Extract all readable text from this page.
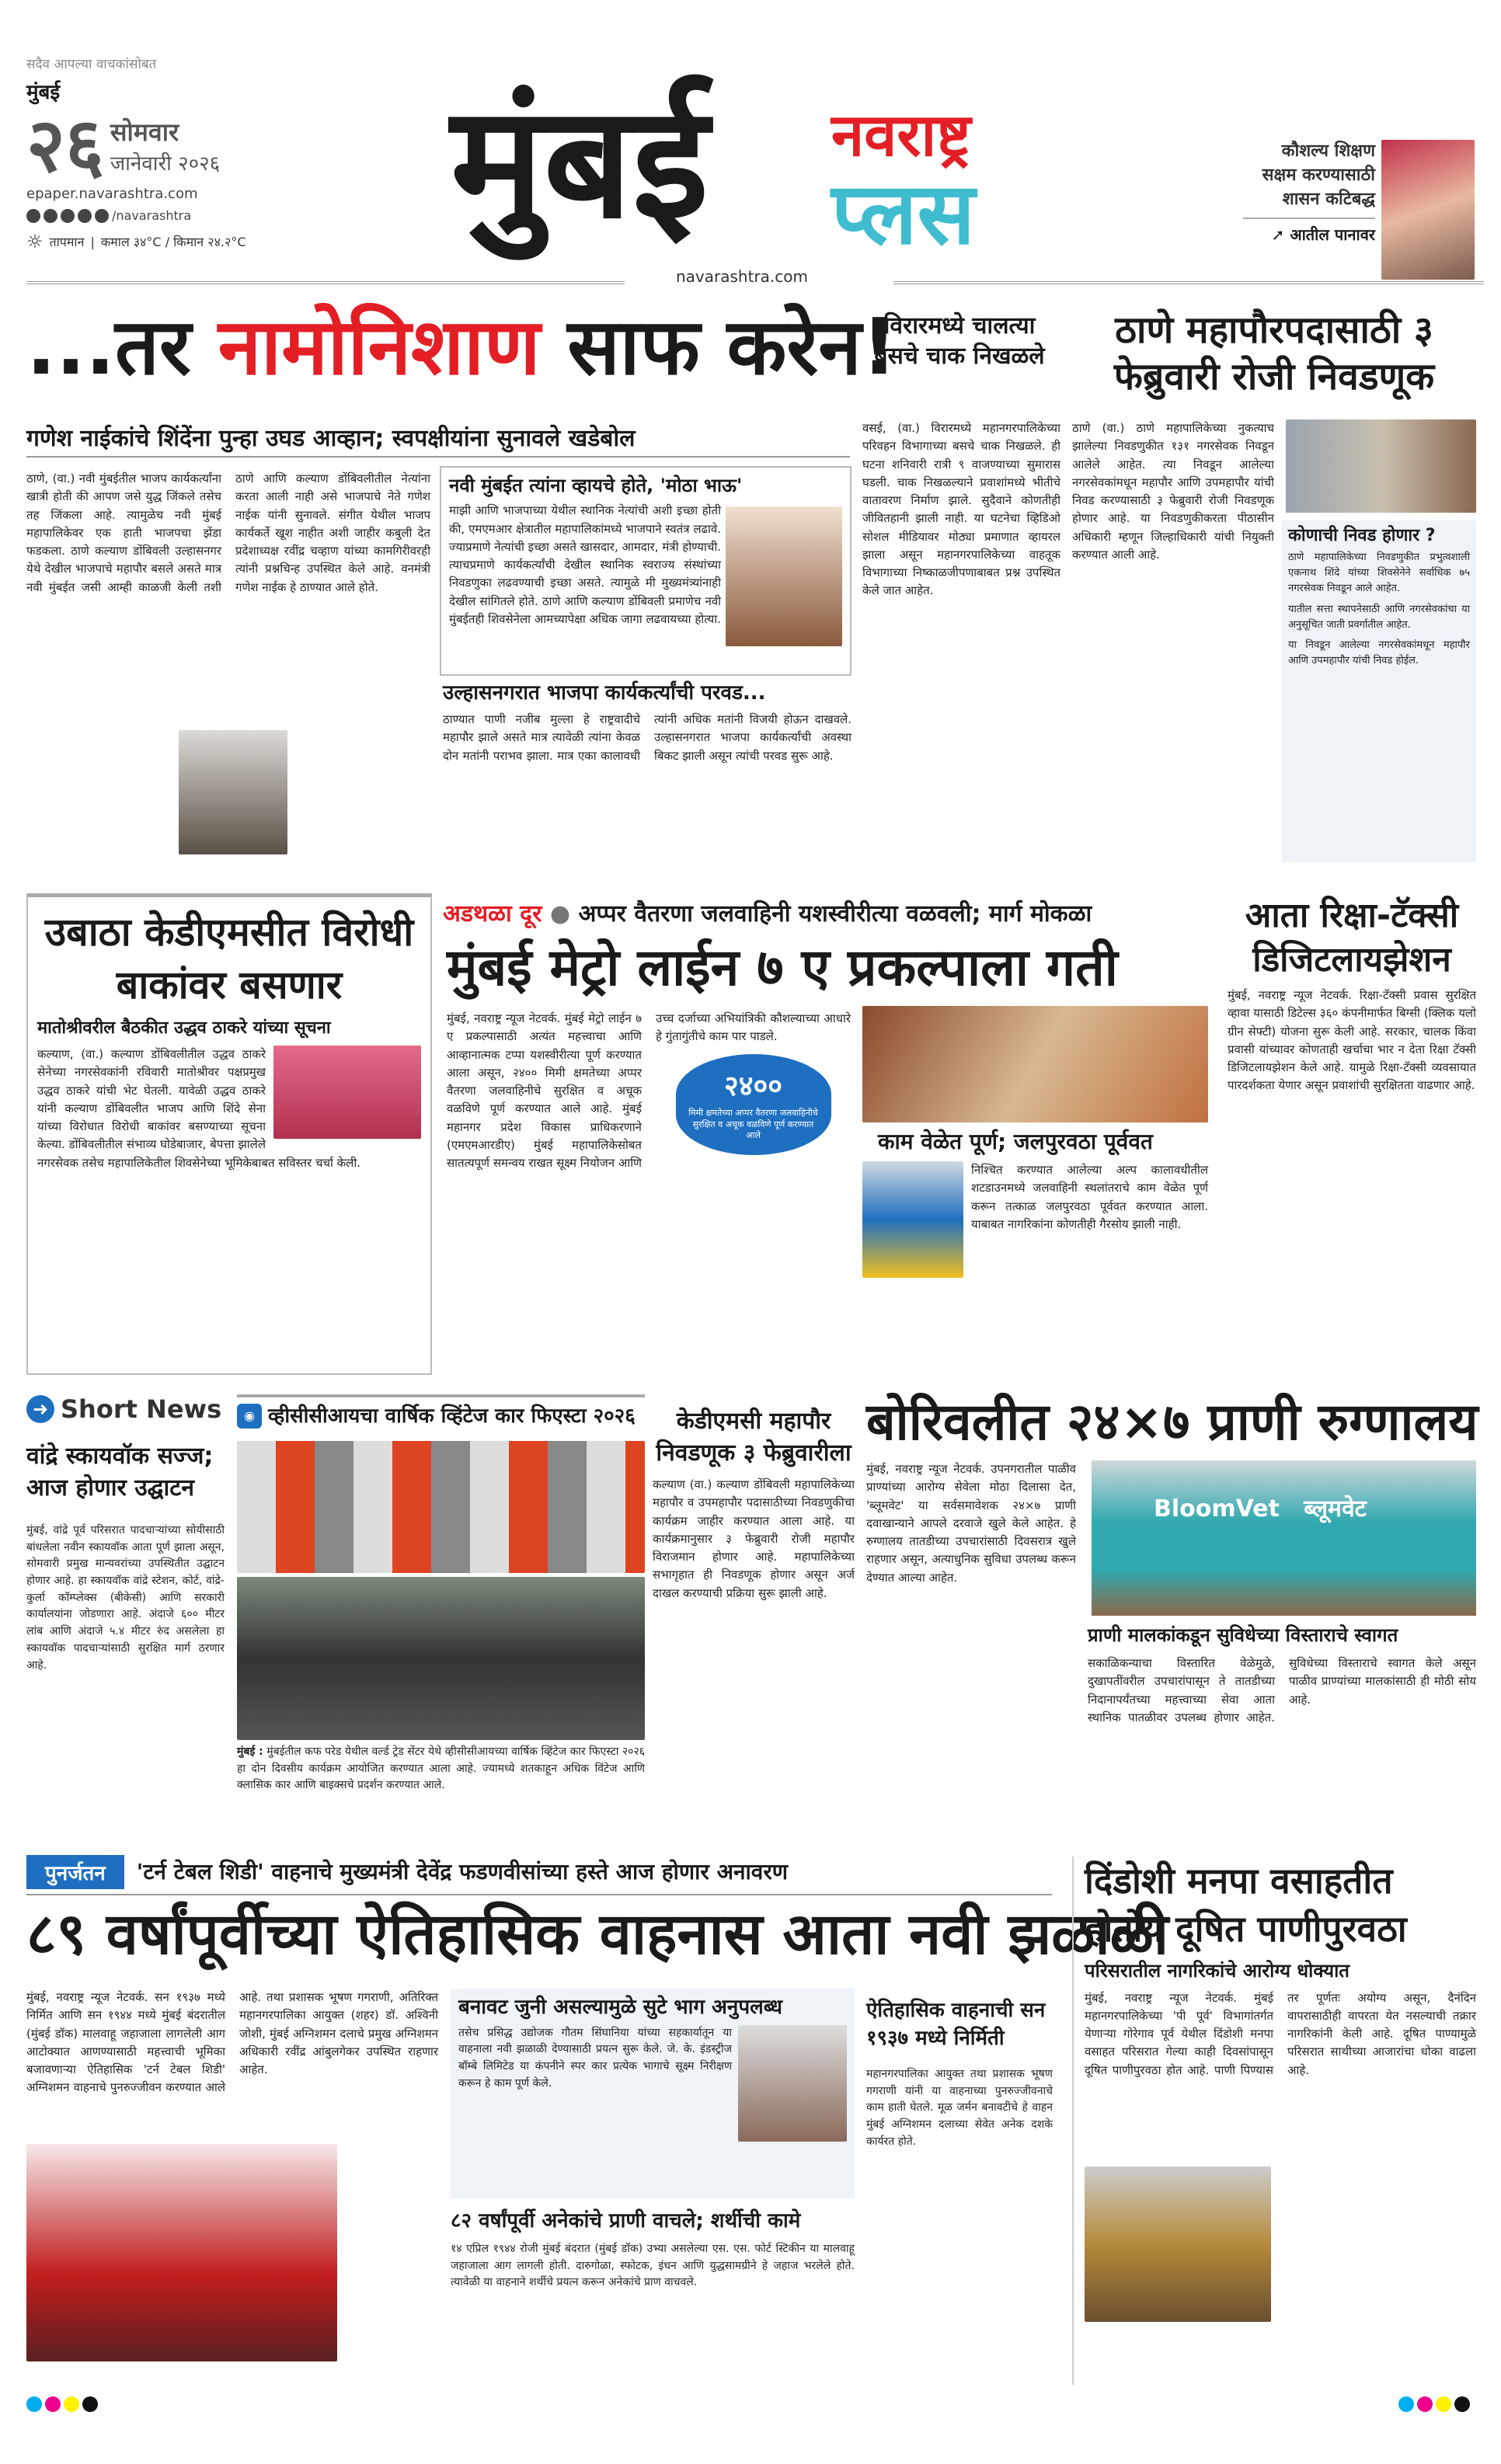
सदैव आपल्या वाचकांसोबत
मुंबई
२६ सोमवार
जानेवारी २०२६
epaper.navarashtra.com
/navarashtra
☼ तापमान | कमाल ३४°C / किमान २४.२°C मुंबई नवराष्ट्र
प्लस
navarashtra.com
कौशल्य शिक्षण सक्षम करण्यासाठी शासन कटिबद्ध
➚ आतील पानावर
...तर नामोनिशाण साफ करेन!
गणेश नाईकांचे शिंदेंना पुन्हा उघड आव्हान; स्वपक्षीयांना सुनावले खडेबोल
ठाणे, (वा.) नवी मुंबईतील भाजप कार्यकर्त्यांना खात्री होती की आपण जसे युद्ध जिंकले तसेच तह जिंकला आहे. त्यामुळेच नवी मुंबई महापालिकेवर एक हाती भाजपचा झेंडा फडकला. ठाणे कल्याण डोंबिवली उल्हासनगर येथे देखील भाजपाचे महापौर बसले असते मात्र नवी मुंबईत जसी आम्ही काळजी केली तशी ठाणे आणि कल्याण डोंबिवलीतील नेत्यांना करता आली नाही असे भाजपाचे नेते गणेश नाईक यांनी सुनावले. संगीत येथील भाजप कार्यकर्ते खूश नाहीत अशी जाहीर कबुली देत प्रदेशाध्यक्ष रवींद्र चव्हाण यांच्या कामगिरीवरही त्यांनी प्रश्नचिन्ह उपस्थित केले आहे. वनमंत्री गणेश नाईक हे ठाण्यात आले होते.
नवी मुंबईत त्यांना व्हायचे होते, 'मोठा भाऊ'
माझी आणि भाजपाच्या येथील स्थानिक नेत्यांची अशी इच्छा होती की, एमएमआर क्षेत्रातील महापालिकांमध्ये भाजपाने स्वतंत्र लढावे. ज्याप्रमाणे नेत्यांची इच्छा असते खासदार, आमदार, मंत्री होण्याची. त्याचप्रमाणे कार्यकर्त्यांची देखील स्थानिक स्वराज्य संस्थांच्या निवडणुका लढवण्याची इच्छा असते. त्यामुळे मी मुख्यमंत्र्यांनाही देखील सांगितले होते. ठाणे आणि कल्याण डोंबिवली प्रमाणेच नवी मुंबईतही शिवसेनेला आमच्यापेक्षा अधिक जागा लढवायच्या होत्या.
उल्हासनगरात भाजपा कार्यकर्त्यांची परवड...
ठाण्यात पाणी नजीब मुल्ला हे राष्ट्रवादीचे महापौर झाले असते मात्र त्यावेळी त्यांना केवळ दोन मतांनी पराभव झाला. मात्र एका कालावधी त्यांनी अधिक मतांनी विजयी होऊन दाखवले. उल्हासनगरात भाजपा कार्यकर्त्यांची अवस्था बिकट झाली असून त्यांची परवड सुरू आहे.
विरारमध्ये चालत्या बसचे चाक निखळले
वसई, (वा.) विरारमध्ये महानगरपालिकेच्या परिवहन विभागाच्या बसचे चाक निखळले. ही घटना शनिवारी रात्री ९ वाजण्याच्या सुमारास घडली. चाक निखळल्याने प्रवाशांमध्ये भीतीचे वातावरण निर्माण झाले. सुदैवाने कोणतीही जीवितहानी झाली नाही. या घटनेचा व्हिडिओ सोशल मीडियावर मोठ्या प्रमाणात व्हायरल झाला असून महानगरपालिकेच्या वाहतूक विभागाच्या निष्काळजीपणाबाबत प्रश्न उपस्थित केले जात आहेत.
ठाणे महापौरपदासाठी ३ फेब्रुवारी रोजी निवडणूक
ठाणे (वा.) ठाणे महापालिकेच्या नुकत्याच झालेल्या निवडणुकीत १३१ नगरसेवक निवडून आलेले आहेत. त्या निवडून आलेल्या नगरसेवकांमधून महापौर आणि उपमहापौर यांची निवड करण्यासाठी ३ फेब्रुवारी रोजी निवडणूक होणार आहे. या निवडणुकीकरता पीठासीन अधिकारी म्हणून जिल्हाधिकारी यांची नियुक्ती करण्यात आली आहे.
कोणाची निवड होणार ?
ठाणे महापालिकेच्या निवडणुकीत प्रभुत्वशाली एकनाथ शिंदे यांच्या शिवसेनेने सर्वाधिक ७५ नगरसेवक निवडून आले आहेत.
यातील सत्ता स्थापनेसाठी आणि नगरसेवकांचा या अनुसूचित जाती प्रवर्गातील आहेत.
या निवडून आलेल्या नगरसेवकांमधून महापौर आणि उपमहापौर यांची निवड होईल.
उबाठा केडीएमसीत विरोधी बाकांवर बसणार
मातोश्रीवरील बैठकीत उद्धव ठाकरे यांच्या सूचना
कल्याण, (वा.) कल्याण डोंबिवलीतील उद्धव ठाकरे सेनेच्या नगरसेवकांनी रविवारी मातोश्रीवर पक्षप्रमुख उद्धव ठाकरे यांची भेट घेतली. यावेळी उद्धव ठाकरे यांनी कल्याण डोंबिवलीत भाजप आणि शिंदे सेना यांच्या विरोधात विरोधी बाकांवर बसण्याच्या सूचना केल्या. डोंबिवलीतील संभाव्य घोडेबाजार, बेपत्ता झालेले नगरसेवक तसेच महापालिकेतील शिवसेनेच्या भूमिकेबाबत सविस्तर चर्चा केली.
अडथळा दूर ● अप्पर वैतरणा जलवाहिनी यशस्वीरीत्या वळवली; मार्ग मोकळा
मुंबई मेट्रो लाईन ७ ए प्रकल्पाला गती
मुंबई, नवराष्ट्र न्यूज नेटवर्क. मुंबई मेट्रो लाईन ७ ए प्रकल्पासाठी अत्यंत महत्त्वाचा आणि आव्हानात्मक टप्पा यशस्वीरीत्या पूर्ण करण्यात आला असून, २४०० मिमी क्षमतेच्या अप्पर वैतरणा जलवाहिनीचे सुरक्षित व अचूक वळविणे पूर्ण करण्यात आले आहे. मुंबई महानगर प्रदेश विकास प्राधिकरणाने (एमएमआरडीए) मुंबई महापालिकेसोबत सातत्यपूर्ण समन्वय राखत सूक्ष्म नियोजन आणि उच्च दर्जाच्या अभियांत्रिकी कौशल्याच्या आधारे हे गुंतागुंतीचे काम पार पाडले.
२४००
मिमी क्षमतेच्या अप्पर वैतरणा जलवाहिनीचे सुरक्षित व अचूक वळविणे पूर्ण करण्यात आले	काम वेळेत पूर्ण; जलपुरवठा पूर्ववत
निश्चित करण्यात आलेल्या अल्प कालावधीतील शटडाउनमध्ये जलवाहिनी स्थलांतराचे काम वेळेत पूर्ण करून तत्काळ जलपुरवठा पूर्ववत करण्यात आला. याबाबत नागरिकांना कोणतीही गैरसोय झाली नाही.
आता रिक्षा-टॅक्सी डिजिटलायझेशन
मुंबई, नवराष्ट्र न्यूज नेटवर्क. रिक्षा-टॅक्सी प्रवास सुरक्षित व्हावा यासाठी डिटेल्स ३६० कंपनीमार्फत बिग्सी (क्लिक यलो ग्रीन सेफ्टी) योजना सुरू केली आहे. सरकार, चालक किंवा प्रवासी यांच्यावर कोणताही खर्चाचा भार न देता रिक्षा टॅक्सी डिजिटलायझेशन केले आहे. यामुळे रिक्षा-टॅक्सी व्यवसायात पारदर्शकता येणार असून प्रवाशांची सुरक्षितता वाढणार आहे.
➜ Short News
वांद्रे स्कायवॉक सज्ज; आज होणार उद्घाटन
मुंबई, वांद्रे पूर्व परिसरात पादचाऱ्यांच्या सोयीसाठी बांधलेला नवीन स्कायवॉक आता पूर्ण झाला असून, सोमवारी प्रमुख मान्यवरांच्या उपस्थितीत उद्घाटन होणार आहे. हा स्कायवॉक वांद्रे स्टेशन, कोर्ट, वांद्रे-कुर्ला कॉम्प्लेक्स (बीकेसी) आणि सरकारी कार्यालयांना जोडणारा आहे. अंदाजे ६०० मीटर लांब आणि अंदाजे ५.४ मीटर रुंद असलेला हा स्कायवॉक पादचाऱ्यांसाठी सुरक्षित मार्ग ठरणार आहे.
◉ व्हीसीसीआयचा वार्षिक व्हिंटेज कार फिएस्टा २०२६
मुंबई : मुंबईतील कफ परेड येथील वर्ल्ड ट्रेड सेंटर येथे व्हीसीसीआयच्या वार्षिक व्हिंटेज कार फिएस्टा २०२६ हा दोन दिवसीय कार्यक्रम आयोजित करण्यात आला आहे. ज्यामध्ये शतकाहून अधिक विंटेज आणि क्लासिक कार आणि बाइक्सचे प्रदर्शन करण्यात आले.
केडीएमसी महापौर निवडणूक ३ फेब्रुवारीला
कल्याण (वा.) कल्याण डोंबिवली महापालिकेच्या महापौर व उपमहापौर पदासाठीच्या निवडणुकीचा कार्यक्रम जाहीर करण्यात आला आहे. या कार्यक्रमानुसार ३ फेब्रुवारी रोजी महापौर विराजमान होणार आहे. महापालिकेच्या सभागृहात ही निवडणूक होणार असून अर्ज दाखल करण्याची प्रक्रिया सुरू झाली आहे.
बोरिवलीत २४×७ प्राणी रुग्णालय
मुंबई, नवराष्ट्र न्यूज नेटवर्क. उपनगरातील पाळीव प्राण्यांच्या आरोग्य सेवेला मोठा दिलासा देत, 'ब्लूमवेट' या सर्वसमावेशक २४×७ प्राणी दवाखान्याने आपले दरवाजे खुले केले आहेत. हे रुग्णालय तातडीच्या उपचारांसाठी दिवसरात्र खुले राहणार असून, अत्याधुनिक सुविधा उपलब्ध करून देण्यात आल्या आहेत.
BloomVet ब्लूमवेट
प्राणी मालकांकडून सुविधेच्या विस्ताराचे स्वागत
सकाळिकन्याचा विस्तारित वेळेमुळे, दुखापतींवरील उपचारांपासून ते तातडीच्या निदानापर्यंतच्या महत्त्वाच्या सेवा आता स्थानिक पातळीवर उपलब्ध होणार आहेत. सुविधेच्या विस्ताराचे स्वागत केले असून पाळीव प्राण्यांच्या मालकांसाठी ही मोठी सोय आहे.
पुनर्जतन	'टर्न टेबल शिडी' वाहनाचे मुख्यमंत्री देवेंद्र फडणवीसांच्या हस्ते आज होणार अनावरण
८९ वर्षांपूर्वीच्या ऐतिहासिक वाहनास आता नवी झळाळी
मुंबई, नवराष्ट्र न्यूज नेटवर्क. सन १९३७ मध्ये निर्मित आणि सन १९४४ मध्ये मुंबई बंदरातील (मुंबई डॉक) मालवाहू जहाजाला लागलेली आग आटोक्यात आणण्यासाठी महत्त्वाची भूमिका बजावणाऱ्या ऐतिहासिक 'टर्न टेबल शिडी' अग्निशमन वाहनाचे पुनरुज्जीवन करण्यात आले आहे. तथा प्रशासक भूषण गगराणी, अतिरिक्त महानगरपालिका आयुक्त (शहर) डॉ. अश्विनी जोशी, मुंबई अग्निशमन दलाचे प्रमुख अग्निशमन अधिकारी रवींद्र आंबुलगेकर उपस्थित राहणार आहेत.
बनावट जुनी असल्यामुळे सुटे भाग अनुपलब्ध
तसेच प्रसिद्ध उद्योजक गौतम सिंघानिया यांच्या सहकार्यातून या वाहनाला नवी झळाळी देण्यासाठी प्रयत्न सुरू केले. जे. के. इंडस्ट्रीज बॉम्बे लिमिटेड या कंपनीने स्पर कार प्रत्येक भागाचे सूक्ष्म निरीक्षण करून हे काम पूर्ण केले.
ऐतिहासिक वाहनाची सन १९३७ मध्ये निर्मिती
महानगरपालिका आयुक्त तथा प्रशासक भूषण गगराणी यांनी या वाहनाच्या पुनरुज्जीवनाचे काम हाती घेतले. मूळ जर्मन बनावटीचे हे वाहन मुंबई अग्निशमन दलाच्या सेवेत अनेक दशके कार्यरत होते.
८२ वर्षांपूर्वी अनेकांचे प्राणी वाचले; शर्थीची कामे
१४ एप्रिल १९४४ रोजी मुंबई बंदरात (मुंबई डॉक) उभ्या असलेल्या एस. एस. फोर्ट स्टिकीन या मालवाहू जहाजाला आग लागली होती. दारुगोळा, स्फोटक, इंधन आणि युद्धसामग्रीने हे जहाज भरलेले होते. त्यावेळी या वाहनाने शर्थीचे प्रयत्न करून अनेकांचे प्राण वाचवले.
दिंडोशी मनपा वसाहतीत होतोय दूषित पाणीपुरवठा
परिसरातील नागरिकांचे आरोग्य धोक्यात
मुंबई, नवराष्ट्र न्यूज नेटवर्क. मुंबई महानगरपालिकेच्या 'पी पूर्व' विभागांतर्गत येणाऱ्या गोरेगाव पूर्व येथील दिंडोशी मनपा वसाहत परिसरात गेल्या काही दिवसांपासून दूषित पाणीपुरवठा होत आहे. पाणी पिण्यास तर पूर्णतः अयोग्य असून, दैनंदिन वापरासाठीही वापरता येत नसल्याची तक्रार नागरिकांनी केली आहे. दूषित पाण्यामुळे परिसरात साथीच्या आजारांचा धोका वाढला आहे.
